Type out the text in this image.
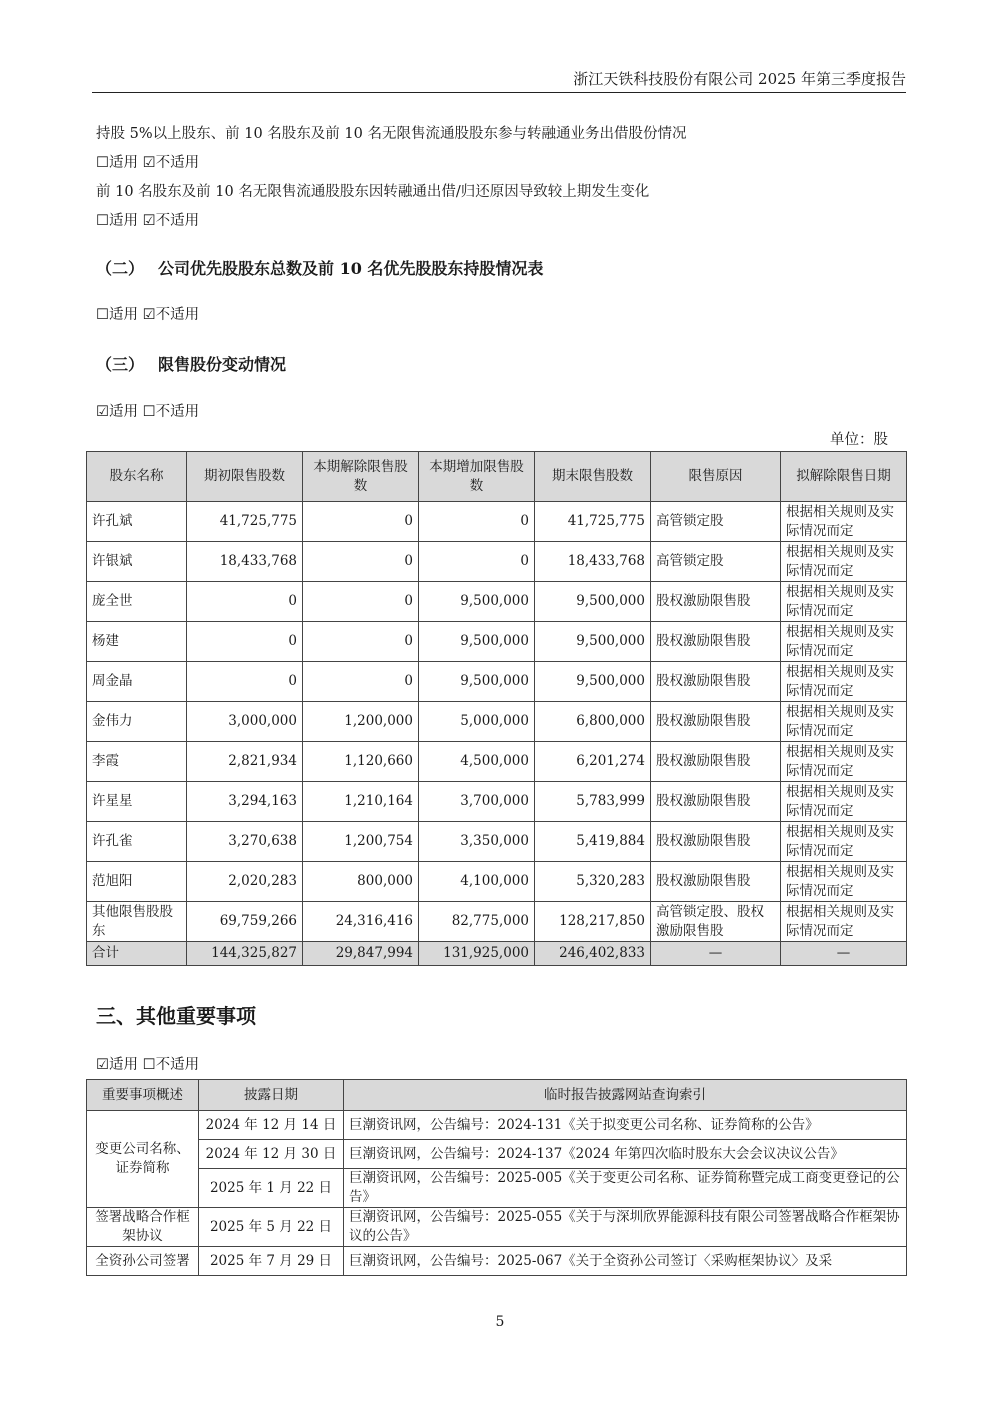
浙江天铁科技股份有限公司 2025 年第三季度报告
持股 5%以上股东、前 10 名股东及前 10 名无限售流通股股东参与转融通业务出借股份情况
☐适用 ☑不适用
前 10 名股东及前 10 名无限售流通股股东因转融通出借/归还原因导致较上期发生变化
☐适用 ☑不适用
（二） 公司优先股股东总数及前 10 名优先股股东持股情况表
☐适用 ☑不适用
（三） 限售股份变动情况
☑适用 ☐不适用
单位：股
股东名称	期初限售股数	本期解除限售股数	本期增加限售股数	期末限售股数	限售原因	拟解除限售日期
许孔斌	41,725,775	0	0	41,725,775	高管锁定股	根据相关规则及实际情况而定
许银斌	18,433,768	0	0	18,433,768	高管锁定股	根据相关规则及实际情况而定
庞全世	0	0	9,500,000	9,500,000	股权激励限售股	根据相关规则及实际情况而定
杨建	0	0	9,500,000	9,500,000	股权激励限售股	根据相关规则及实际情况而定
周金晶	0	0	9,500,000	9,500,000	股权激励限售股	根据相关规则及实际情况而定
金伟力	3,000,000	1,200,000	5,000,000	6,800,000	股权激励限售股	根据相关规则及实际情况而定
李霞	2,821,934	1,120,660	4,500,000	6,201,274	股权激励限售股	根据相关规则及实际情况而定
许星星	3,294,163	1,210,164	3,700,000	5,783,999	股权激励限售股	根据相关规则及实际情况而定
许孔雀	3,270,638	1,200,754	3,350,000	5,419,884	股权激励限售股	根据相关规则及实际情况而定
范旭阳	2,020,283	800,000	4,100,000	5,320,283	股权激励限售股	根据相关规则及实际情况而定
其他限售股股东	69,759,266	24,316,416	82,775,000	128,217,850	高管锁定股、股权激励限售股	根据相关规则及实际情况而定
合计	144,325,827	29,847,994	131,925,000	246,402,833	—	—
三、其他重要事项
☑适用 ☐不适用
重要事项概述	披露日期	临时报告披露网站查询索引
变更公司名称、证券简称	2024 年 12 月 14 日	巨潮资讯网，公告编号：2024-131《关于拟变更公司名称、证券简称的公告》
	2024 年 12 月 30 日	巨潮资讯网，公告编号：2024-137《2024 年第四次临时股东大会会议决议公告》
	2025 年 1 月 22 日	巨潮资讯网，公告编号：2025-005《关于变更公司名称、证券简称暨完成工商变更登记的公告》
签署战略合作框架协议	2025 年 5 月 22 日	巨潮资讯网，公告编号：2025-055《关于与深圳欣界能源科技有限公司签署战略合作框架协议的公告》
全资孙公司签署	2025 年 7 月 29 日	巨潮资讯网，公告编号：2025-067《关于全资孙公司签订〈采购框架协议〉及采
5
